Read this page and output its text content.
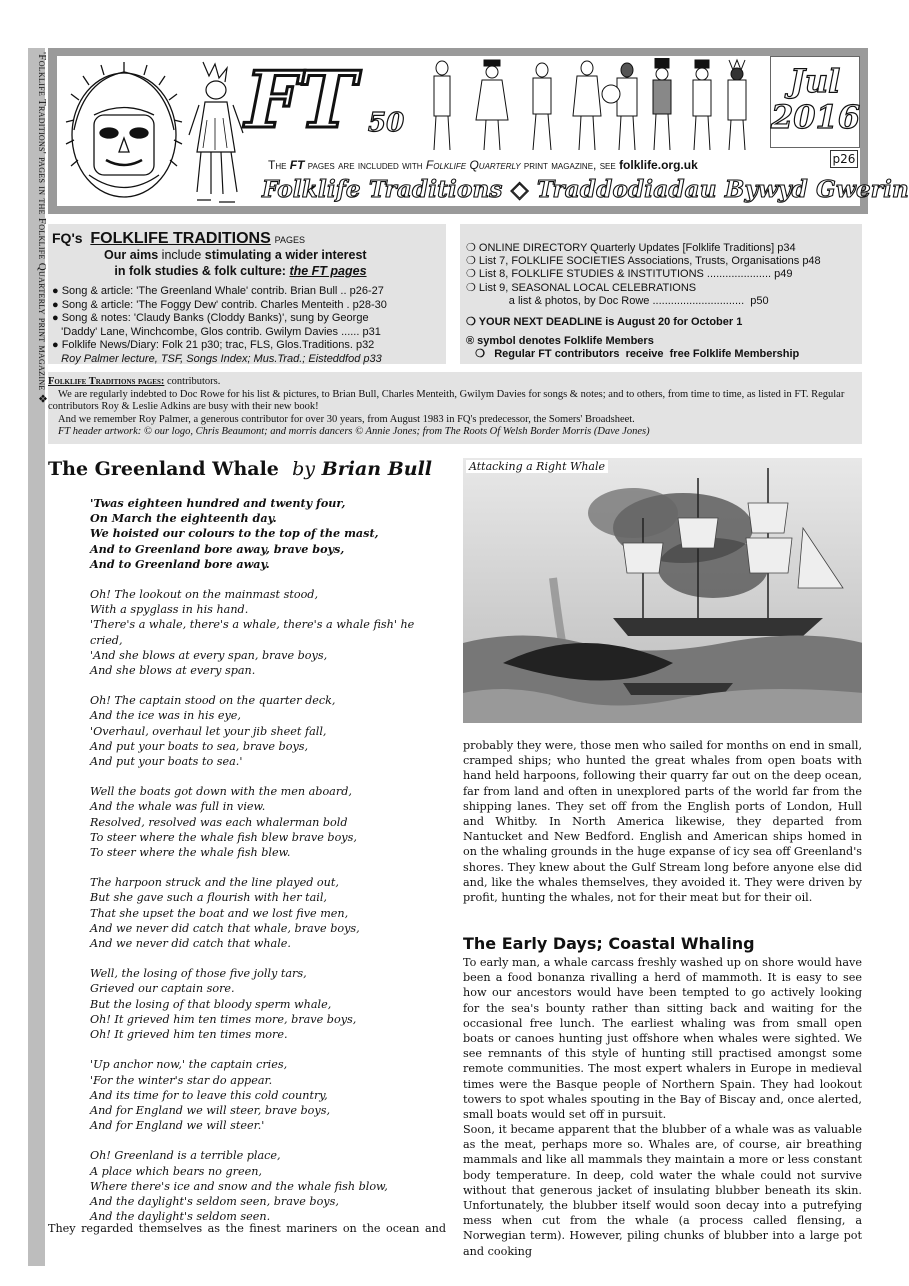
'Folklife Traditions' pages in the Folklife Quarterly print magazine ❖	FT 50
Jul
2016
p26
The FT pages are included with Folklife Quarterly print magazine, see folklife.org.uk
Folklife Traditions ◇ Traddodiadau Bywyd Gwerin
FQ's FOLKLIFE TRADITIONS pages
Our aims include stimulating a wider interest
in folk studies & folk culture: the FT pages
● Song & article: 'The Greenland Whale' contrib. Brian Bull .. p26-27
● Song & article: 'The Foggy Dew' contrib. Charles Menteith . p28-30
● Song & notes: 'Claudy Banks (Cloddy Banks)', sung by George
'Daddy' Lane, Winchcombe, Glos contrib. Gwilym Davies ...... p31
● Folklife News/Diary: Folk 21 p30; trac, FLS, Glos.Traditions. p32
Roy Palmer lecture, TSF, Songs Index; Mus.Trad.; Eisteddfod p33
❍ ONLINE DIRECTORY Quarterly Updates [Folklife Traditions] p34
❍ List 7, FOLKLIFE SOCIETIES Associations, Trusts, Organisations p48
❍ List 8, FOLKLIFE STUDIES & INSTITUTIONS ..................... p49
❍ List 9, SEASONAL LOCAL CELEBRATIONS
a list & photos, by Doc Rowe ..............................  p50
❍ YOUR NEXT DEADLINE is August 20 for October 1
® symbol denotes Folklife Members
❍   Regular FT contributors  receive  free Folklife Membership

Folklife Traditions pages: contributors.

We are regularly indebted to Doc Rowe for his list & pictures, to Brian Bull, Charles Menteith, Gwilym Davies for songs & notes; and to others, from time to time, as listed in FT. Regular contributors Roy & Leslie Adkins are busy with their new book!

And we remember Roy Palmer, a generous contributor for over 30 years, from August 1983 in FQ's predecessor, the Somers' Broadsheet.

FT header artwork: © our logo, Chris Beaumont; and morris dancers © Annie Jones; from The Roots Of Welsh Border Morris (Dave Jones)

The Greenland Whale by Brian Bull
'Twas eighteen hundred and twenty four,
On March the eighteenth day.
We hoisted our colours to the top of the mast,
And to Greenland bore away, brave boys,
And to Greenland bore away.
Oh! The lookout on the mainmast stood,
With a spyglass in his hand.
'There's a whale, there's a whale, there's a whale fish' he cried,
'And she blows at every span, brave boys,
And she blows at every span.
Oh! The captain stood on the quarter deck,
And the ice was in his eye,
'Overhaul, overhaul let your jib sheet fall,
And put your boats to sea, brave boys,
And put your boats to sea.'
Well the boats got down with the men aboard,
And the whale was full in view.
Resolved, resolved was each whalerman bold
To steer where the whale fish blew brave boys,
To steer where the whale fish blew.
The harpoon struck and the line played out,
But she gave such a flourish with her tail,
That she upset the boat and we lost five men,
And we never did catch that whale, brave boys,
And we never did catch that whale.
Well, the losing of those five jolly tars,
Grieved our captain sore.
But the losing of that bloody sperm whale,
Oh! It grieved him ten times more, brave boys,
Oh! It grieved him ten times more.
'Up anchor now,' the captain cries,
'For the winter's star do appear.
And its time for to leave this cold country,
And for England we will steer, brave boys,
And for England we will steer.'
Oh! Greenland is a terrible place,
A place which bears no green,
Where there's ice and snow and the whale fish blow,
And the daylight's seldom seen, brave boys,
And the daylight's seldom seen.
They regarded themselves as the finest mariners on the ocean and
Attacking a Right Whale
probably they were, those men who sailed for months on end in small, cramped ships; who hunted the great whales from open boats with hand held harpoons, following their quarry far out on the deep ocean, far from land and often in unexplored parts of the world far from the shipping lanes. They set off from the English ports of London, Hull and Whitby. In North America likewise, they departed from Nantucket and New Bedford. English and American ships homed in on the whaling grounds in the huge expanse of icy sea off Greenland's shores. They knew about the Gulf Stream long before anyone else did and, like the whales themselves, they avoided it. They were driven by profit, hunting the whales, not for their meat but for their oil.
The Early Days; Coastal Whaling
To early man, a whale carcass freshly washed up on shore would have been a food bonanza rivalling a herd of mammoth. It is easy to see how our ancestors would have been tempted to go actively looking for the sea's bounty rather than sitting back and waiting for the occasional free lunch. The earliest whaling was from small open boats or canoes hunting just offshore when whales were sighted. We see remnants of this style of hunting still practised amongst some remote communities. The most expert whalers in Europe in medieval times were the Basque people of Northern Spain. They had lookout towers to spot whales spouting in the Bay of Biscay and, once alerted, small boats would set off in pursuit.
Soon, it became apparent that the blubber of a whale was as valuable as the meat, perhaps more so. Whales are, of course, air breathing mammals and like all mammals they maintain a more or less constant body temperature. In deep, cold water the whale could not survive without that generous jacket of insulating blubber beneath its skin. Unfortunately, the blubber itself would soon decay into a putrefying mess when cut from the whale (a process called flensing, a Norwegian term). However, piling chunks of blubber into a large pot and cooking
